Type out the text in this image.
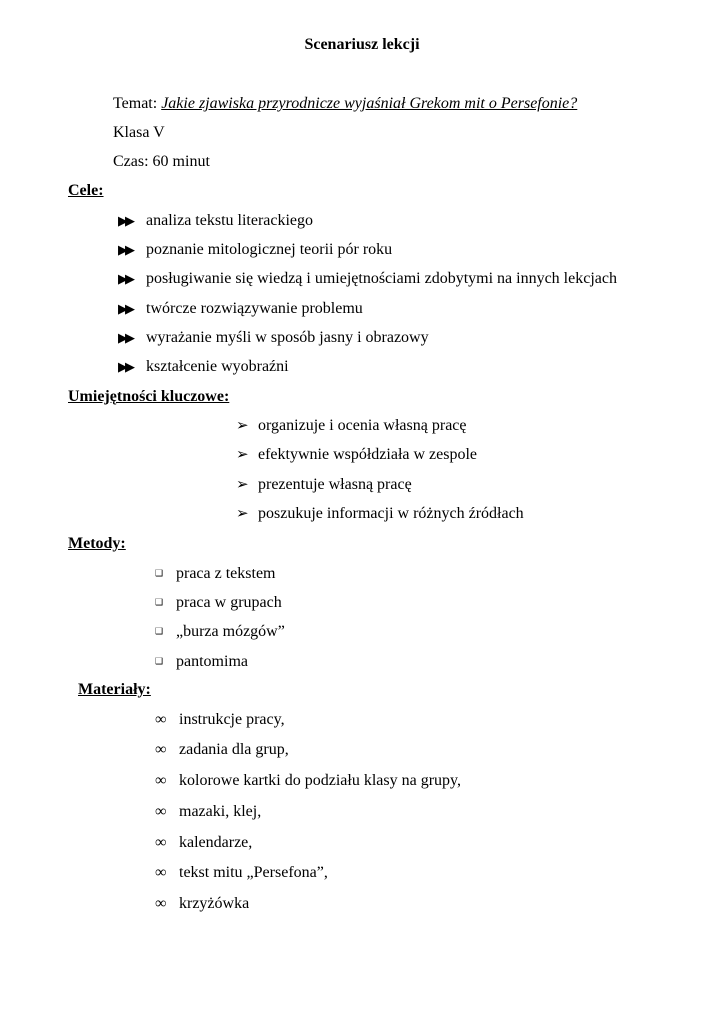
Scenariusz lekcji
Temat: Jakie zjawiska przyrodnicze wyjaśniał Grekom mit o Persefonie?
Klasa V
Czas: 60 minut
Cele:
▶▶ analiza tekstu literackiego
▶▶ poznanie mitologicznej teorii pór roku
▶▶ posługiwanie się wiedzą i umiejętnościami zdobytymi na innych lekcjach
▶▶ twórcze rozwiązywanie problemu
▶▶ wyrażanie myśli w sposób jasny i obrazowy
▶▶ kształcenie wyobraźni
Umiejętności kluczowe:
➢ organizuje i ocenia własną pracę
➢ efektywnie współdziała w zespole
➢ prezentuje własną pracę
➢ poszukuje informacji w różnych źródłach
Metody:
❑ praca z tekstem
❑ praca w grupach
❑ „burza mózgów”
❑ pantomima
Materiały:
∞ instrukcje pracy,
∞ zadania dla grup,
∞ kolorowe kartki do podziału klasy na grupy,
∞ mazaki, klej,
∞ kalendarze,
∞ tekst mitu „Persefona”,
∞ krzyżówka
